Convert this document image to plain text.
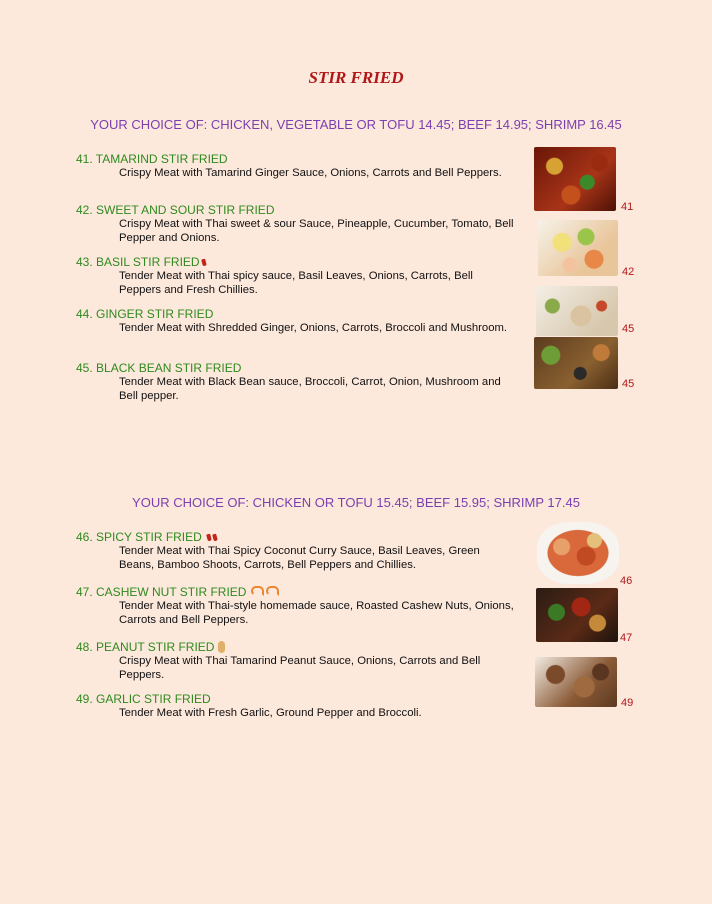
STIR FRIED
YOUR CHOICE OF: CHICKEN, VEGETABLE OR TOFU 14.45; BEEF 14.95; SHRIMP 16.45
41. TAMARIND STIR FRIED
Crispy Meat with Tamarind Ginger Sauce, Onions, Carrots and Bell Peppers.
42. SWEET AND SOUR STIR FRIED
Crispy Meat with Thai sweet & sour Sauce, Pineapple, Cucumber, Tomato, Bell Pepper and Onions.
43. BASIL STIR FRIED
Tender Meat with Thai spicy sauce, Basil Leaves, Onions, Carrots, Bell Peppers and Fresh Chillies.
44. GINGER STIR FRIED
Tender Meat with Shredded Ginger, Onions, Carrots, Broccoli and Mushroom.
45. BLACK BEAN STIR FRIED
Tender Meat with Black Bean sauce, Broccoli, Carrot, Onion, Mushroom and Bell pepper.
41
42
45
45
YOUR CHOICE OF: CHICKEN OR TOFU 15.45; BEEF 15.95; SHRIMP 17.45
46. SPICY STIR FRIED
Tender Meat with Thai Spicy Coconut Curry Sauce, Basil Leaves, Green Beans, Bamboo Shoots, Carrots, Bell Peppers and Chillies.
47. CASHEW NUT STIR FRIED
Tender Meat with Thai-style homemade sauce, Roasted Cashew Nuts, Onions, Carrots and Bell Peppers.
48. PEANUT STIR FRIED
Crispy Meat with Thai Tamarind Peanut Sauce, Onions, Carrots and Bell Peppers.
49. GARLIC STIR FRIED
Tender Meat with Fresh Garlic, Ground Pepper and Broccoli.
46
47
49
